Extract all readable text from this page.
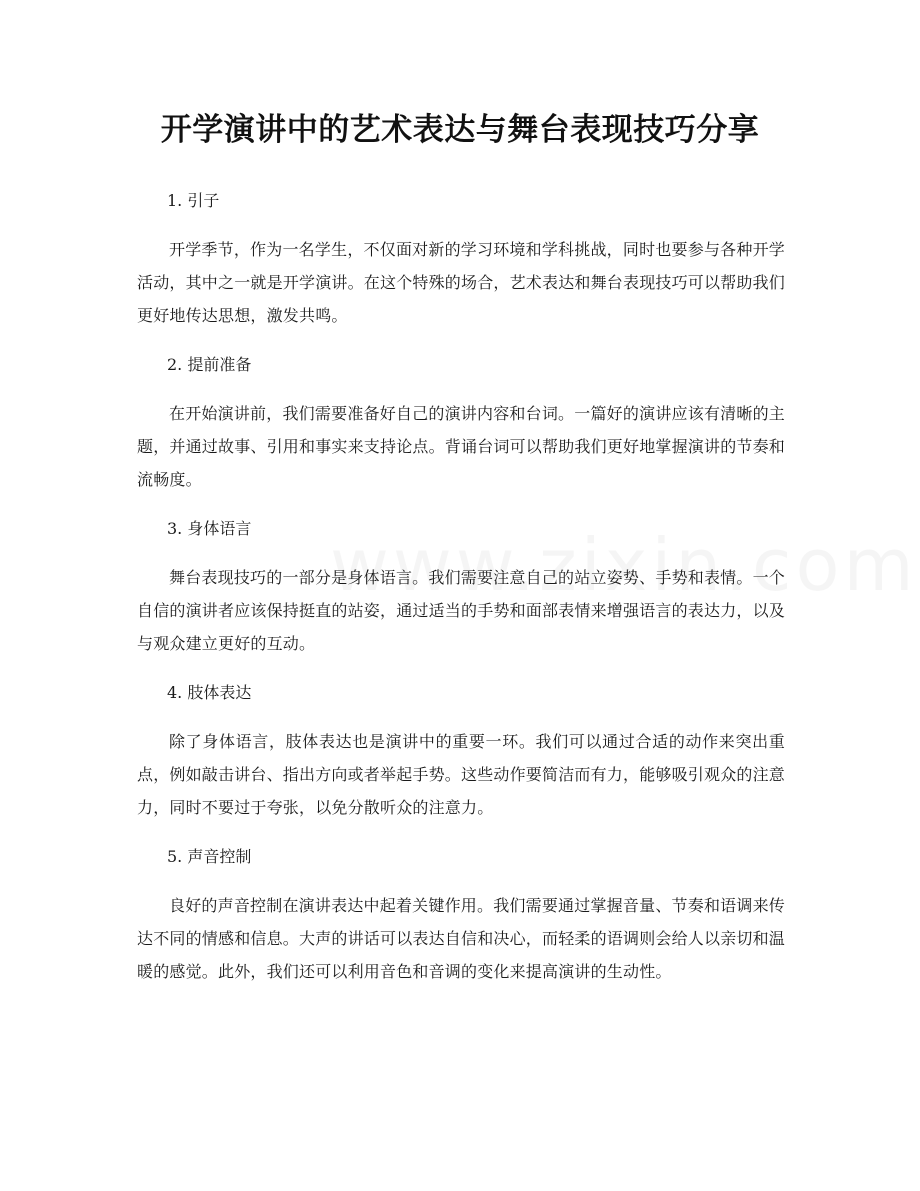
开学演讲中的艺术表达与舞台表现技巧分享

1. 引子

开学季节，作为一名学生，不仅面对新的学习环境和学科挑战，同时也要参与各种开学活动，其中之一就是开学演讲。在这个特殊的场合，艺术表达和舞台表现技巧可以帮助我们更好地传达思想，激发共鸣。

2. 提前准备

在开始演讲前，我们需要准备好自己的演讲内容和台词。一篇好的演讲应该有清晰的主题，并通过故事、引用和事实来支持论点。背诵台词可以帮助我们更好地掌握演讲的节奏和流畅度。

3. 身体语言

舞台表现技巧的一部分是身体语言。我们需要注意自己的站立姿势、手势和表情。一个自信的演讲者应该保持挺直的站姿，通过适当的手势和面部表情来增强语言的表达力，以及与观众建立更好的互动。

4. 肢体表达

除了身体语言，肢体表达也是演讲中的重要一环。我们可以通过合适的动作来突出重点，例如敲击讲台、指出方向或者举起手势。这些动作要简洁而有力，能够吸引观众的注意力，同时不要过于夸张，以免分散听众的注意力。

5. 声音控制

良好的声音控制在演讲表达中起着关键作用。我们需要通过掌握音量、节奏和语调来传达不同的情感和信息。大声的讲话可以表达自信和决心，而轻柔的语调则会给人以亲切和温暖的感觉。此外，我们还可以利用音色和音调的变化来提高演讲的生动性。
